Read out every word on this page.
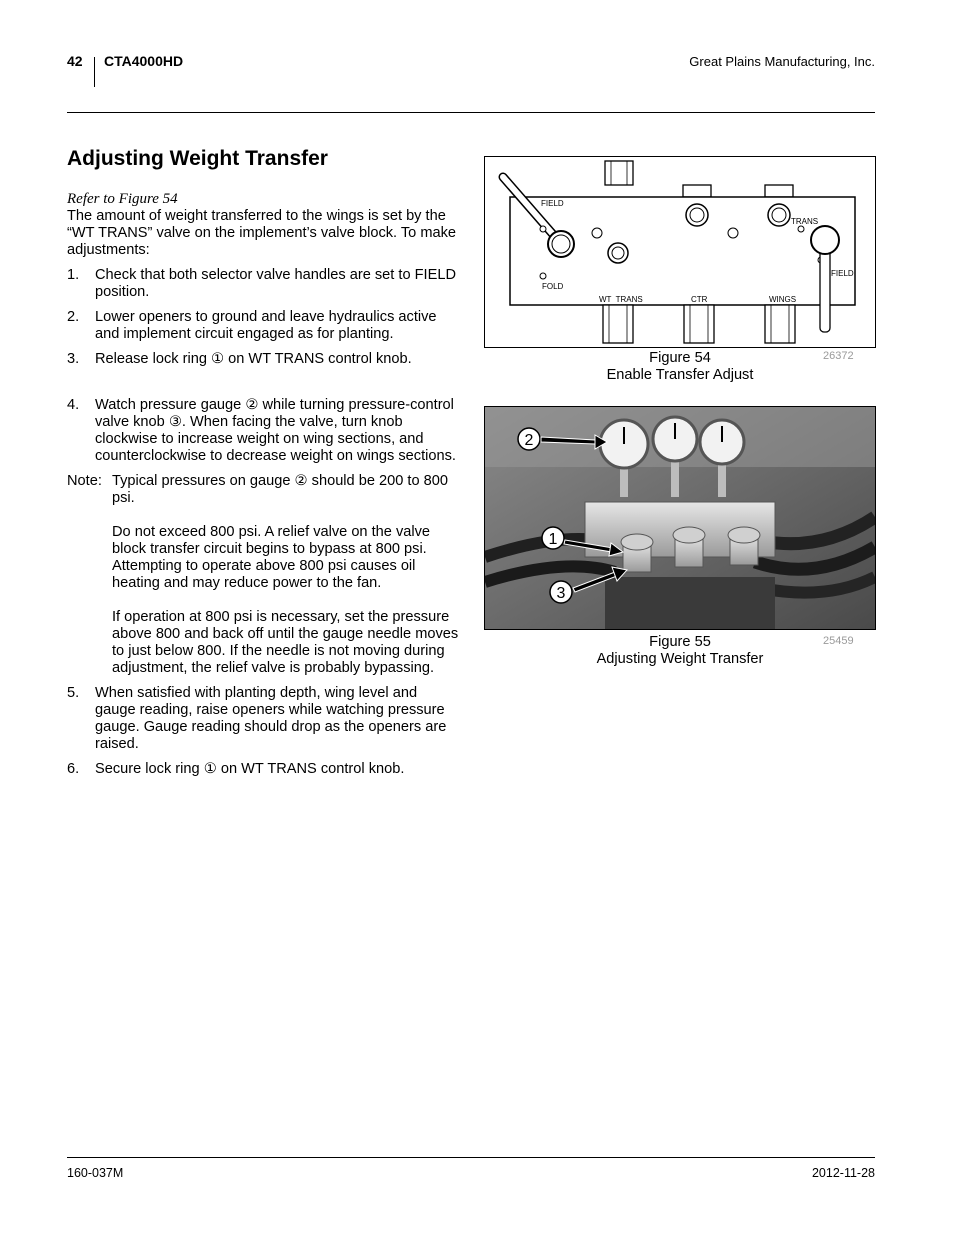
42 CTA4000HD	Great Plains Manufacturing, Inc.
Adjusting Weight Transfer

Refer to Figure 54

The amount of weight transferred to the wings is set by the “WT TRANS” valve on the implement’s valve block. To make adjustments:

1. Check that both selector valve handles are set to FIELD position.
2. Lower openers to ground and leave hydraulics active and implement circuit engaged as for planting.
3. Release lock ring ① on WT TRANS control knob.
4. Watch pressure gauge ② while turning pressure-control valve knob ③. When facing the valve, turn knob clockwise to increase weight on wing sections, and counterclockwise to decrease weight on wings sections.
Note: Typical pressures on gauge ② should be 200 to 800 psi.

Do not exceed 800 psi. A relief valve on the valve block transfer circuit begins to bypass at 800 psi. Attempting to operate above 800 psi causes oil heating and may reduce power to the fan.

If operation at 800 psi is necessary, set the pressure above 800 and back off until the gauge needle moves to just below 800. If the needle is not moving during adjustment, the relief valve is probably bypassing.

5. When satisfied with planting depth, wing level and gauge reading, raise openers while watching pressure gauge. Gauge reading should drop as the openers are raised.
6. Secure lock ring ① on WT TRANS control knob.
FIELD
FOLD
TRANS
FIELD
WT  TRANS	CTR	WINGS
Figure 54
Enable Transfer Adjust
26372
2
1
3
Figure 55
Adjusting Weight Transfer
25459
160-037M	2012-11-28
